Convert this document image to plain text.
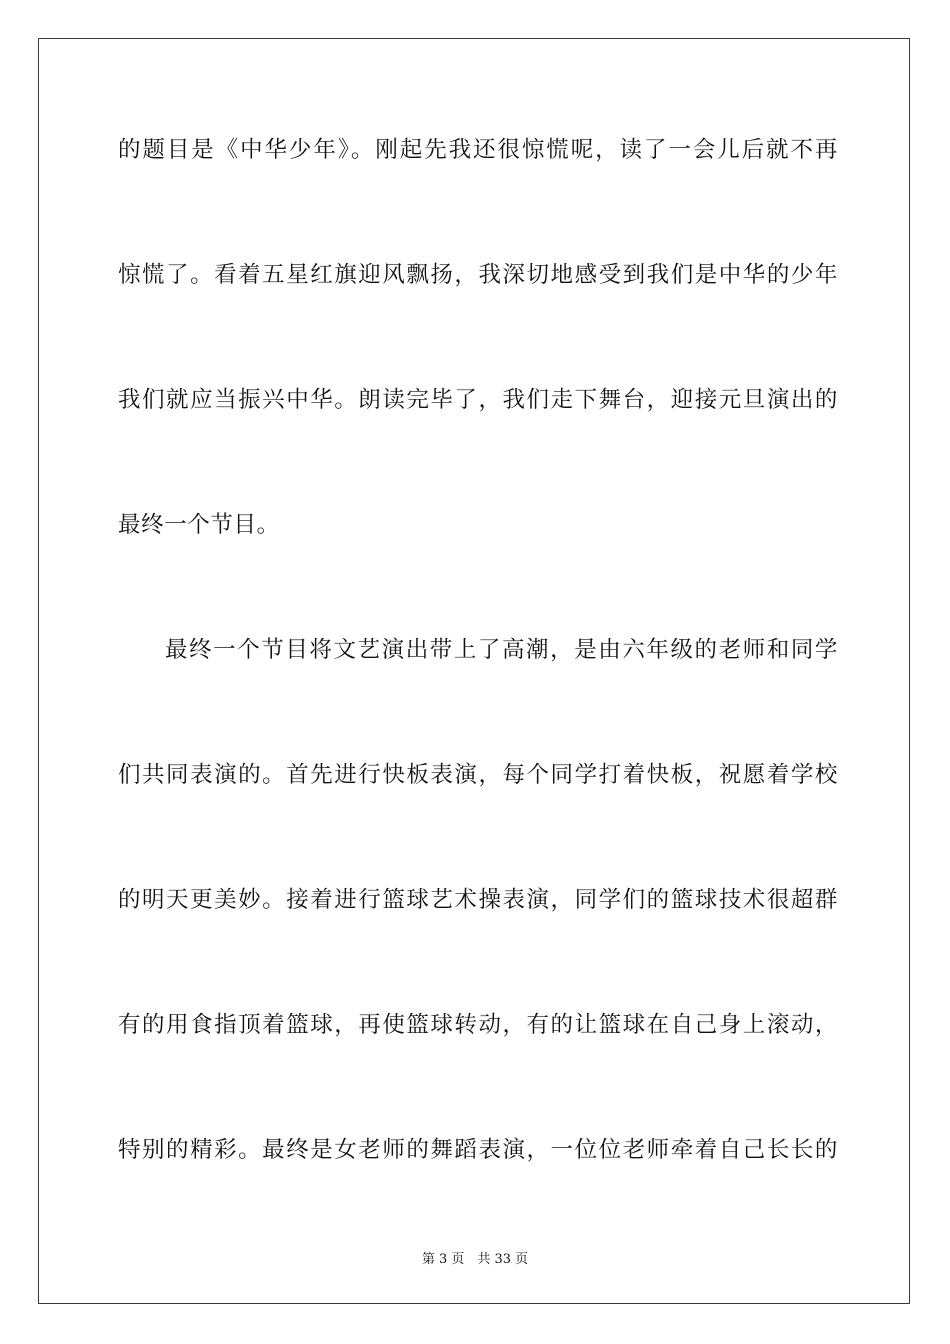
的题目是《中华少年》。刚起先我还很惊慌呢，读了一会儿后就不再
惊慌了。看着五星红旗迎风飘扬，我深切地感受到我们是中华的少年
我们就应当振兴中华。朗读完毕了，我们走下舞台，迎接元旦演出的
最终一个节目。
最终一个节目将文艺演出带上了高潮，是由六年级的老师和同学
们共同表演的。首先进行快板表演，每个同学打着快板，祝愿着学校
的明天更美妙。接着进行篮球艺术操表演，同学们的篮球技术很超群
有的用食指顶着篮球，再使篮球转动，有的让篮球在自己身上滚动，
特别的精彩。最终是女老师的舞蹈表演，一位位老师牵着自己长长的
第 3 页　共 33 页
